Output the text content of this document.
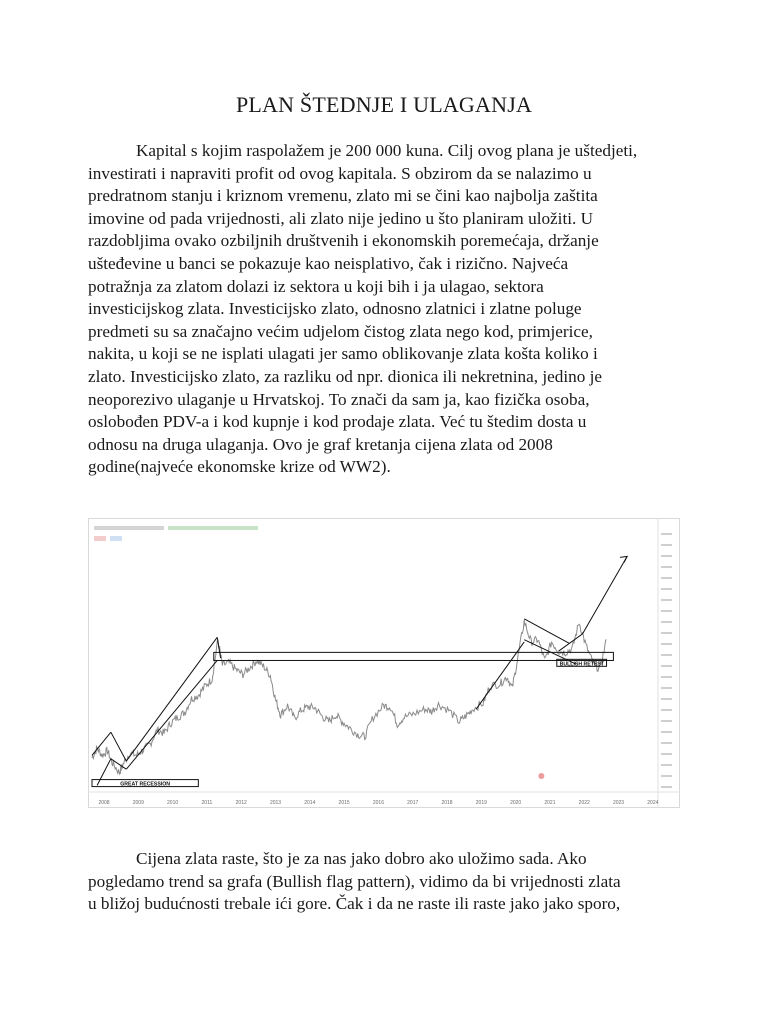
PLAN ŠTEDNJE I ULAGANJA
Kapital s kojim raspolažem je 200 000 kuna. Cilj ovog plana je uštedjeti,
investirati i napraviti profit od ovog kapitala. S obzirom da se nalazimo u
predratnom stanju i kriznom vremenu, zlato mi se čini kao najbolja zaštita
imovine od pada vrijednosti, ali zlato nije jedino u što planiram uložiti. U
razdobljima ovako ozbiljnih društvenih i ekonomskih poremećaja, držanje
ušteđevine u banci se pokazuje kao neisplativo, čak i rizično. Najveća
potražnja za zlatom dolazi iz sektora u koji bih i ja ulagao, sektora
investicijskog zlata. Investicijsko zlato, odnosno zlatnici i zlatne poluge
predmeti su sa značajno većim udjelom čistog zlata nego kod, primjerice,
nakita, u koji se ne isplati ulagati jer samo oblikovanje zlata košta koliko i
zlato. Investicijsko zlato, za razliku od npr. dionica ili nekretnina, jedino je
neoporezivo ulaganje u Hrvatskoj. To znači da sam ja, kao fizička osoba,
oslobođen PDV-a i kod kupnje i kod prodaje zlata. Već tu štedim dosta u
odnosu na druga ulaganja. Ovo je graf kretanja cijena zlata od 2008
godine(najveće ekonomske krize od WW2).
2008	2009	2010	2011	2012	2013	2014	2015	2016	2017	2018	2019	2020	2021	2022	2023	2024
GREAT RECESSION
BULLISH RETEST
Cijena zlata raste, što je za nas jako dobro ako uložimo sada. Ako
pogledamo trend sa grafa (Bullish flag pattern), vidimo da bi vrijednosti zlata
u bližoj budućnosti trebale ići gore. Čak i da ne raste ili raste jako jako sporo,
